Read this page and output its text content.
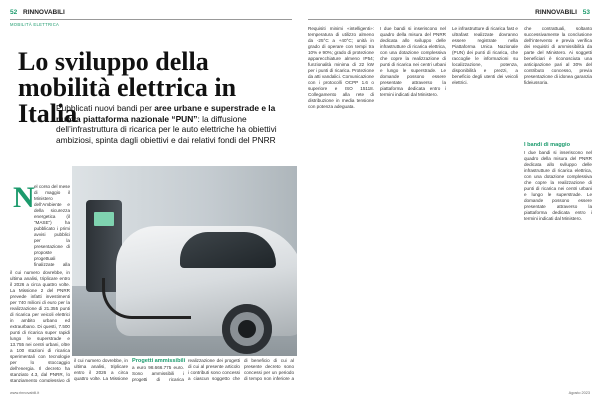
52 RINNOVABILI
MOBILITÀ ELETTRICA
Lo sviluppo della mobilità elettrica in Italia

Pubblicati nuovi bandi per aree urbane e superstrade e la nuova piattaforma nazionale “PUN”: la diffusione dell’infrastruttura di ricarica per le auto elettriche ha obiettivi ambiziosi, spinta dagli obiettivi e dai relativi fondi del PNRR

N el corso del mese di maggio il Ministero dell’Ambiente e della sicurezza energetica (il “MASE”) ha pubblicato i primi avvisi pubblici per la presentazione di proposte progettuali finalizzate alla

il cui numero dovrebbe, in ultima analisi, triplicare entro il 2026 a circa quattro volte. La Missione 2 del PNRR prevede infatti investimenti per 740 milioni di euro per la realizzazione di 21.355 punti di ricarica per veicoli elettrici in ambito urbano ed extraurbano. Di questi, 7.500 punti di ricarica super rapidi lungo le superstrade e 13.755 nei centri urbani, oltre a 100 stazioni di ricarica sperimentali con tecnologie per lo stoccaggio dell’energia. Il decreto ha stanziato 4.3, dal PNRR, lo stanziamento complessivo di

il cui numero dovrebbe, in ultima analisi, triplicare entro il 2026 a circa quattro volte. La Missione

Progetti ammissibili

a euro 98.666.775 euro. Sono ammissibili i progetti di ricarica

realizzazione dei progetti di cui al presente articolo i contributi sono concessi a ciascun soggetto che

di beneficio di cui al presente decreto sono concessi per un periodo di tempo non inferiore a

www.rinnovabili.it
RINNOVABILI 53

Requisiti minimi «intelligenti»: temperatura di utilizzo almeno da -25°C a +40°C; unità in grado di operare con tempi tra 10% e 90%; grado di protezione apparecchiature almeno IP54; funzionalità minima di 22 kW per i punti di ricarica. Protezione da atti vandalici. Comunicazione con i protocolli OCPP 1.6 o superiore e ISO 15118. Collegamento alla rete di distribuzione in media tensione con potenza adeguata.

I due bandi si inseriscono nel quadro della misura del PNRR dedicata allo sviluppo delle infrastrutture di ricarica elettrica, con una dotazione complessiva che copre la realizzazione di punti di ricarica nei centri urbani e lungo le superstrade. Le domande possono essere presentate attraverso la piattaforma dedicata entro i termini indicati dal Ministero.

Le infrastrutture di ricarica fast e ultrafast realizzate dovranno essere registrate nella Piattaforma Unica Nazionale (PUN) dei punti di ricarica, che raccoglie le informazioni su localizzazione, potenza, disponibilità e prezzi, a beneficio degli utenti dei veicoli elettrici.

che contrattuali, soltanto successivamente la conclusione dell’intervento e previa verifica dei requisiti di ammissibilità da parte del Ministero. Ai soggetti beneficiari è riconosciuta una anticipazione pari al 30% del contributo concesso, previa presentazione di idonea garanzia fideiussoria.

I bandi di maggio

I due bandi si inseriscono nel quadro della misura del PNRR dedicata allo sviluppo delle infrastrutture di ricarica elettrica, con una dotazione complessiva che copre la realizzazione di punti di ricarica nei centri urbani e lungo le superstrade. Le domande possono essere presentate attraverso la piattaforma dedicata entro i termini indicati dal Ministero.

Agosto 2023
